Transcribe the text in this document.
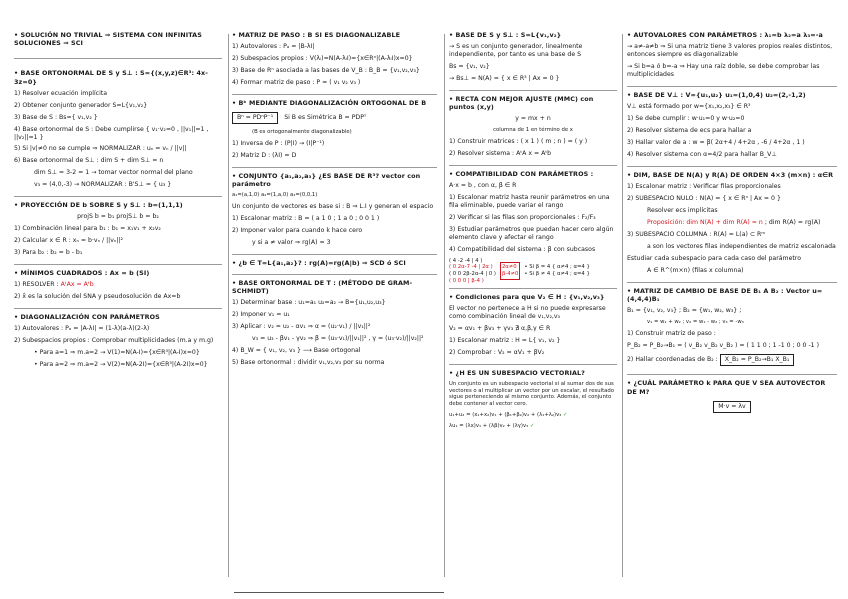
• SOLUCIÓN NO TRIVIAL ⇒ SISTEMA CON INFINITAS SOLUCIONES ⇒ SCI
• BASE ORTONORMAL DE S y S⊥ : S={(x,y,z)∈R³: 4x-3z=0}
1) Resolver ecuación implícita
2) Obtener conjunto generador S=L{v₁,v₂}
3) Base de S : Bs={ v₁,v₂ }
4) Base ortonormal de S : Debe cumplirse { v₁·v₂=0 , ||v₁||=1 , ||v₂||=1 }
5) Si |v|≠0 no se cumple ⇒ NORMALIZAR : uₙ = vₙ / ||v||
6) Base ortonormal de S⊥ : dim S + dim S⊥ = n
dim S⊥ = 3-2 = 1 → tomar vector normal del plano
v₃ = (4,0,-3) → NORMALIZAR : B'S⊥ = { u₃ }
• PROYECCIÓN DE b SOBRE S y S⊥ : b=(1,1,1)
projS b = b₁ projS⊥ b = b₂
1) Combinación lineal para b₁ : b₁ = x₁v₁ + x₂v₂
2) Calcular x ∈ R : xₙ = b·vₙ / ||vₙ||²
3) Para b₂ : b₂ = b - b₁
• MÍNIMOS CUADRADOS : Ax = b (SI)
1) RESOLVER : AᵗAx = Aᵗb
2) x̂ es la solución del SNA y pseudosolución de Ax=b
• DIAGONALIZACIÓN CON PARÁMETROS
1) Autovalores : Pₐ = |A-λI| = (1-λ)(a-λ)(2-λ)
2) Subespacios propios : Comprobar multiplicidades (m.a y m.g)
• Para a=1 ⇒ m.a=2 → V(1)=N(A-I)={x∈R³|(A-I)x=0}
• Para a=2 ⇒ m.a=2 → V(2)=N(A-2I)={x∈R³|(A-2I)x=0}
• MATRIZ DE PASO : B SI ES DIAGONALIZABLE
1) Autovalores : Pₐ = |B-λI|
2) Subespacios propios : V(λᵢ)=N(A-λᵢI)={x∈Rⁿ|(A-λᵢI)x=0}
3) Base de Rⁿ asociada a las bases de V_B : B_B = {v₁,v₂,v₃}
4) Formar matriz de paso : P = ( v₁ v₂ v₃ )
• Bᵏ MEDIANTE DIAGONALIZACIÓN ORTOGONAL DE B
Bⁿ = PDⁿP⁻¹ Si B es Simétrica B = PDPᵀ
(B es ortogonalmente diagonalizable)
1) Inversa de P : (P|I) → (I|P⁻¹)
2) Matriz D : (λI) = D
• CONJUNTO {a₁,a₂,a₃} ¿ES BASE DE R³? vector con parámetro
a₁=(a,1,0) a₂=(1,a,0) a₃=(0,0,1)
Un conjunto de vectores es base si : B ⇒ L.I y generan el espacio
1) Escalonar matriz : B = ( a 1 0 ; 1 a 0 ; 0 0 1 )
2) Imponer valor para cuando k hace cero
y si a ≠ valor ⇒ rg(A) = 3
• ¿b ∈ T=L{a₁,a₂}? : rg(A)=rg(A|b) ⇒ SCD ó SCI
• BASE ORTONORMAL DE T : (MÉTODO DE GRAM-SCHMIDT)
1) Determinar base : u₁=a₁ u₂=a₂ → B={u₁,u₂,u₃}
2) Imponer v₁ = u₁
3) Aplicar : v₂ = u₂ - αv₁ ⇒ α = (u₂·v₁) / ||v₁||²
v₃ = u₃ - βv₁ - γv₂ ⇒ β = (u₃·v₁)/||v₁||² , γ = (u₃·v₂)/||v₂||²
4) B_W = { v₁, v₂, v₃ } ⟶ Base ortogonal
5) Base ortonormal : dividir v₁,v₂,v₃ por su norma
• BASE DE S y S⊥ : S=L{v₁,v₂}
→ S es un conjunto generador, linealmente independiente, por tanto es una base de S
Bs = {v₁, v₂}
→ Bs⊥ = N(A) = { x ∈ R³ | Ax = 0 }
• RECTA CON MEJOR AJUSTE (MMC) con puntos (x,y)
y = mx + n
columna de 1 en término de x
1) Construir matrices : ( x 1 ) ( m ; n ) = ( y )
2) Resolver sistema : AᵗA x = Aᵗb
• COMPATIBILIDAD CON PARÁMETROS :
A·x = b , con α, β ∈ R
1) Escalonar matriz hasta reunir parámetros en una fila eliminable, puede variar el rango
2) Verificar si las filas son proporcionales : F₂/F₃
3) Estudiar parámetros que puedan hacer cero algún elemento clave y afectar el rango
4) Compatibilidad del sistema : β con subcasos
( 4 -2 -4 | 4 )
( 0 2α-7 -4 | 2α )
( 0 0 2β-2α-4 | 0 )
( 0 0 0 | β-4 )
2α≠0
β-4≠0
• Si β = 4 { α≠4 ; α=4 }
• Si β ≠ 4 { α≠4 ; α=4 }
• Condiciones para que V₂ ∈ H : {v₁,v₂,v₃}
El vector no pertenece a H si no puede expresarse como combinación lineal de v₁,v₂,v₃
V₂ = αv₁ + βv₃ + γv₃ ∄ α,β,γ ∈ R
1) Escalonar matriz : H = L{ v₁, v₂ }
2) Comprobar : V₂ = αV₁ + βV₂
• ¿H ES UN SUBESPACIO VECTORIAL?
Un conjunto es un subespacio vectorial si al sumar dos de sus vectores o al multiplicar un vector por un escalar, el resultado sigue perteneciendo al mismo conjunto. Además, el conjunto debe contener al vector cero.
u₁+u₂ = (x₁+x₂)v₁ + (β₁+β₂)v₂ + (λ₁+λ₂)v₃ ✓
λu₁ = (λx)v₁ + (λβ)v₂ + (λγ)v₃ ✓
• AUTOVALORES CON PARÁMETROS : λ₁=b λ₂=a λ₃=-a
→ a≠-a≠b ⇒ Si una matriz tiene 3 valores propios reales distintos, entonces siempre es diagonalizable
→ Si b=a ó b=-a ⇒ Hay una raíz doble, se debe comprobar las multiplicidades
• BASE DE V⊥ : V={u₁,u₂} u₁=(1,0,4) u₂=(2,-1,2)
V⊥ está formado por w={x₁,x₂,x₃} ∈ R³
1) Se debe cumplir : w·u₁=0 y w·u₂=0
2) Resolver sistema de ecs para hallar a
3) Hallar valor de a : w = β( 2α+4 / 4+2α , -6 / 4+2α , 1 )
4) Resolver sistema con α=4/2 para hallar B_V⊥
• DIM, BASE DE N(A) y R(A) DE ORDEN 4×3 (m×n) : α∈R
1) Escalonar matriz : Verificar filas proporcionales
2) SUBESPACIO NULO : N(A) = { x ∈ Rⁿ | Ax = 0 }
Resolver ecs implícitas
Proposición: dim N(A) + dim R(A) = n ; dim R(A) = rg(A)
3) SUBESPACIO COLUMNA : R(A) = L(a) ⊂ Rᵐ
a son los vectores filas independientes de matriz escalonada
Estudiar cada subespacio para cada caso del parámetro
A ∈ R^(m×n) (filas x columna)
• MATRIZ DE CAMBIO DE BASE DE B₁ A B₂ : Vector u=(4,4,4)B₁
B₁ = {v₁, v₂, v₃} ; B₂ = {w₁, w₂, w₃} ;
v₁ = w₁ + w₂ ; v₂ = w₁ - w₂ ; v₃ = -w₃
1) Construir matriz de paso :
P_B₂ = P_B₂→B₁ = ( v_B₂ v_B₂ v_B₂ ) = ( 1 1 0 ; 1 -1 0 ; 0 0 -1 )
2) Hallar coordenadas de B₂ : X_B₂ = P_B₂→B₁ X_B₁
• ¿CUÁL PARÁMETRO k PARA QUE V SEA AUTOVECTOR DE M?
M·v = λv
